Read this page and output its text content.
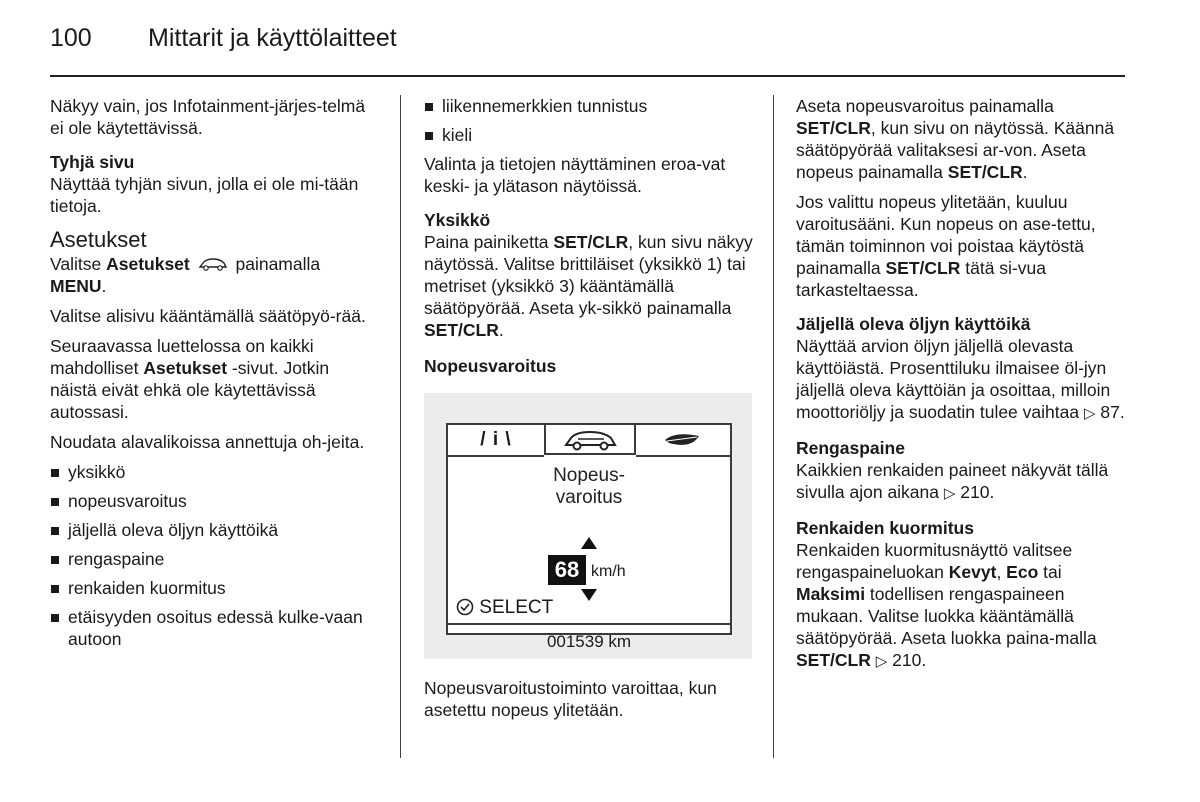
100 Mittarit ja käyttölaitteet

Näkyy vain, jos Infotainment-järjes-telmä ei ole käytettävissä.

Tyhjä sivu

Näyttää tyhjän sivun, jolla ei ole mi-tään tietoja.

Asetukset

Valitse Asetukset  painamalla MENU.

Valitse alisivu kääntämällä säätöpyö-rää.

Seuraavassa luettelossa on kaikki mahdolliset Asetukset -sivut. Jotkin näistä eivät ehkä ole käytettävissä autossasi.

Noudata alavalikoissa annettuja oh-jeita.

yksikkö
nopeusvaroitus
jäljellä oleva öljyn käyttöikä
rengaspaine
renkaiden kuormitus
etäisyyden osoitus edessä kulke-vaan autoon
liikennemerkkien tunnistus
kieli

Valinta ja tietojen näyttäminen eroa-vat keski- ja ylätason näytöissä.

Yksikkö

Paina painiketta SET/CLR, kun sivu näkyy näytössä. Valitse brittiläiset (yksikkö 1) tai metriset (yksikkö 3) kääntämällä säätöpyörää. Aseta yk-sikkö painamalla SET/CLR.

Nopeusvaroitus
/ i \
Nopeus-
varoitus
68 km/h
SELECT
001539 km

Nopeusvaroitustoiminto varoittaa, kun asetettu nopeus ylitetään.

Aseta nopeusvaroitus painamalla SET/CLR, kun sivu on näytössä. Käännä säätöpyörää valitaksesi ar-von. Aseta nopeus painamalla SET/CLR.

Jos valittu nopeus ylitetään, kuuluu varoitusääni. Kun nopeus on ase-tettu, tämän toiminnon voi poistaa käytöstä painamalla SET/CLR tätä si-vua tarkasteltaessa.

Jäljellä oleva öljyn käyttöikä

Näyttää arvion öljyn jäljellä olevasta käyttöiästä. Prosenttiluku ilmaisee öl-jyn jäljellä oleva käyttöiän ja osoittaa, milloin moottoriöljy ja suodatin tulee vaihtaa ▷ 87.

Rengaspaine

Kaikkien renkaiden paineet näkyvät tällä sivulla ajon aikana ▷ 210.

Renkaiden kuormitus

Renkaiden kuormitusnäyttö valitsee rengaspaineluokan Kevyt, Eco tai Maksimi todellisen rengaspaineen mukaan. Valitse luokka kääntämällä säätöpyörää. Aseta luokka paina-malla SET/CLR ▷ 210.
